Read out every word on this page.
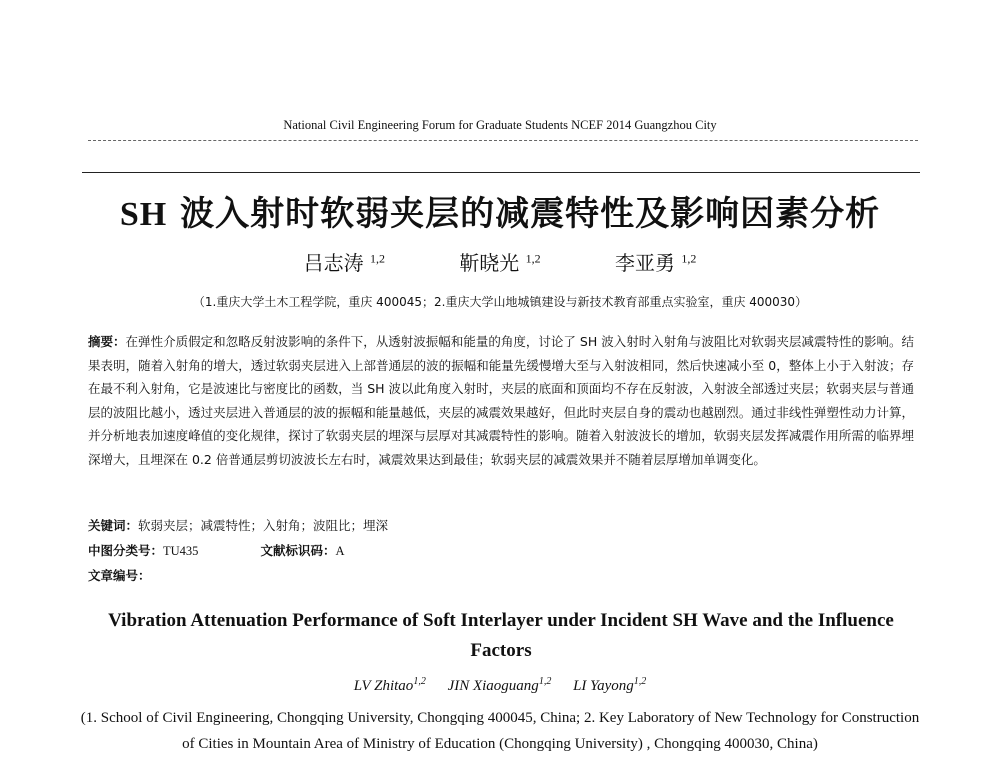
National Civil Engineering Forum for Graduate Students NCEF 2014 Guangzhou City
SH 波入射时软弱夹层的减震特性及影响因素分析
吕志涛 $^{1,2}$	靳晓光 $^{1,2}$	李亚勇 $^{1,2}$
（1.重庆大学土木工程学院，重庆 400045；2.重庆大学山地城镇建设与新技术教育部重点实验室，重庆 400030）
摘要：在弹性介质假定和忽略反射波影响的条件下，从透射波振幅和能量的角度，讨论了 SH 波入射时入射角与波阻比对软弱夹层减震特性的影响。结果表明，随着入射角的增大，透过软弱夹层进入上部普通层的波的振幅和能量先缓慢增大至与入射波相同，然后快速减小至 0，整体上小于入射波；存在最不利入射角，它是波速比与密度比的函数，当 SH 波以此角度入射时，夹层的底面和顶面均不存在反射波，入射波全部透过夹层；软弱夹层与普通层的波阻比越小，透过夹层进入普通层的波的振幅和能量越低，夹层的减震效果越好，但此时夹层自身的震动也越剧烈。通过非线性弹塑性动力计算，并分析地表加速度峰值的变化规律，探讨了软弱夹层的埋深与层厚对其减震特性的影响。随着入射波波长的增加，软弱夹层发挥减震作用所需的临界埋深增大，且埋深在 0.2 倍普通层剪切波波长左右时，减震效果达到最佳；软弱夹层的减震效果并不随着层厚增加单调变化。
关键词：软弱夹层；减震特性；入射角；波阻比；埋深
中图分类号：TU435	文献标识码：A
文章编号：
Vibration Attenuation Performance of Soft Interlayer under Incident SH Wave and the Influence Factors
LV Zhitao$^{1,2}$ JIN Xiaoguang$^{1,2}$ LI Yayong$^{1,2}$
(1. School of Civil Engineering, Chongqing University, Chongqing 400045, China; 2. Key Laboratory of New Technology for Construction of Cities in Mountain Area of Ministry of Education (Chongqing University) , Chongqing 400030, China)
